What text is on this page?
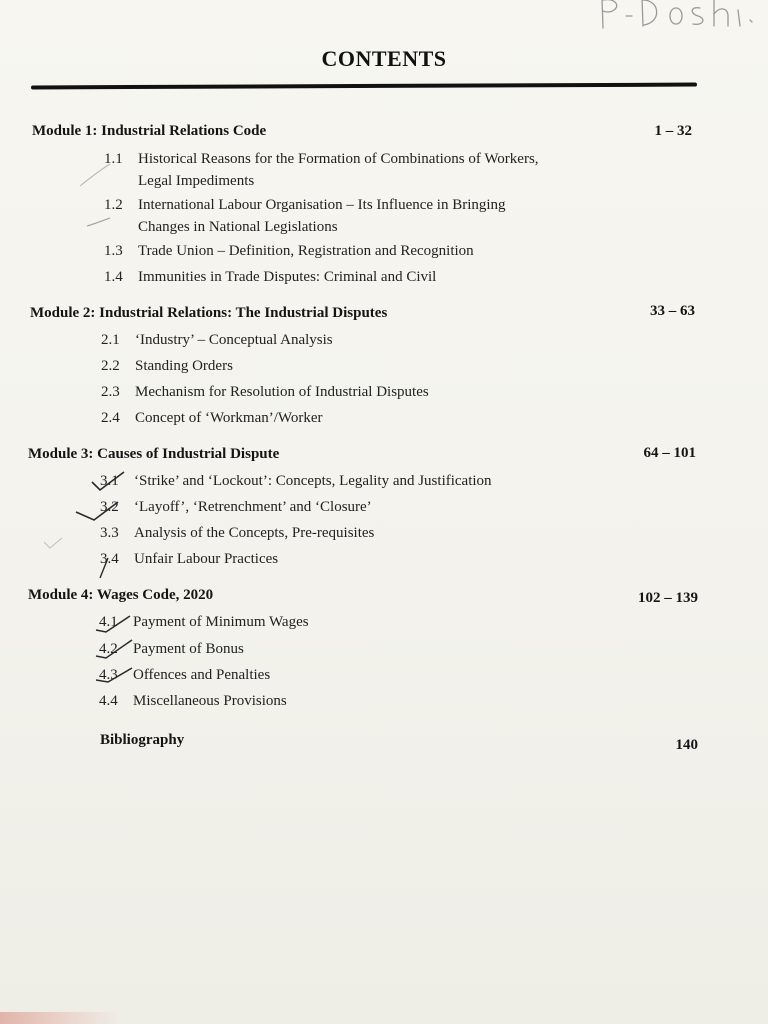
CONTENTS
Module 1: Industrial Relations Code	1 – 32
1.1 Historical Reasons for the Formation of Combinations of Workers,
Legal Impediments
1.2 International Labour Organisation – Its Influence in Bringing
Changes in National Legislations
1.3 Trade Union – Definition, Registration and Recognition
1.4 Immunities in Trade Disputes: Criminal and Civil
Module 2: Industrial Relations: The Industrial Disputes	33 – 63
2.1 ‘Industry’ – Conceptual Analysis
2.2 Standing Orders
2.3 Mechanism for Resolution of Industrial Disputes
2.4 Concept of ‘Workman’/Worker
Module 3: Causes of Industrial Dispute	64 – 101
3.1 ‘Strike’ and ‘Lockout’: Concepts, Legality and Justification
3.2 ‘Layoff’, ‘Retrenchment’ and ‘Closure’
3.3 Analysis of the Concepts, Pre-requisites
3.4 Unfair Labour Practices
Module 4: Wages Code, 2020	102 – 139
4.1 Payment of Minimum Wages
4.2 Payment of Bonus
4.3 Offences and Penalties
4.4 Miscellaneous Provisions
Bibliography	140
